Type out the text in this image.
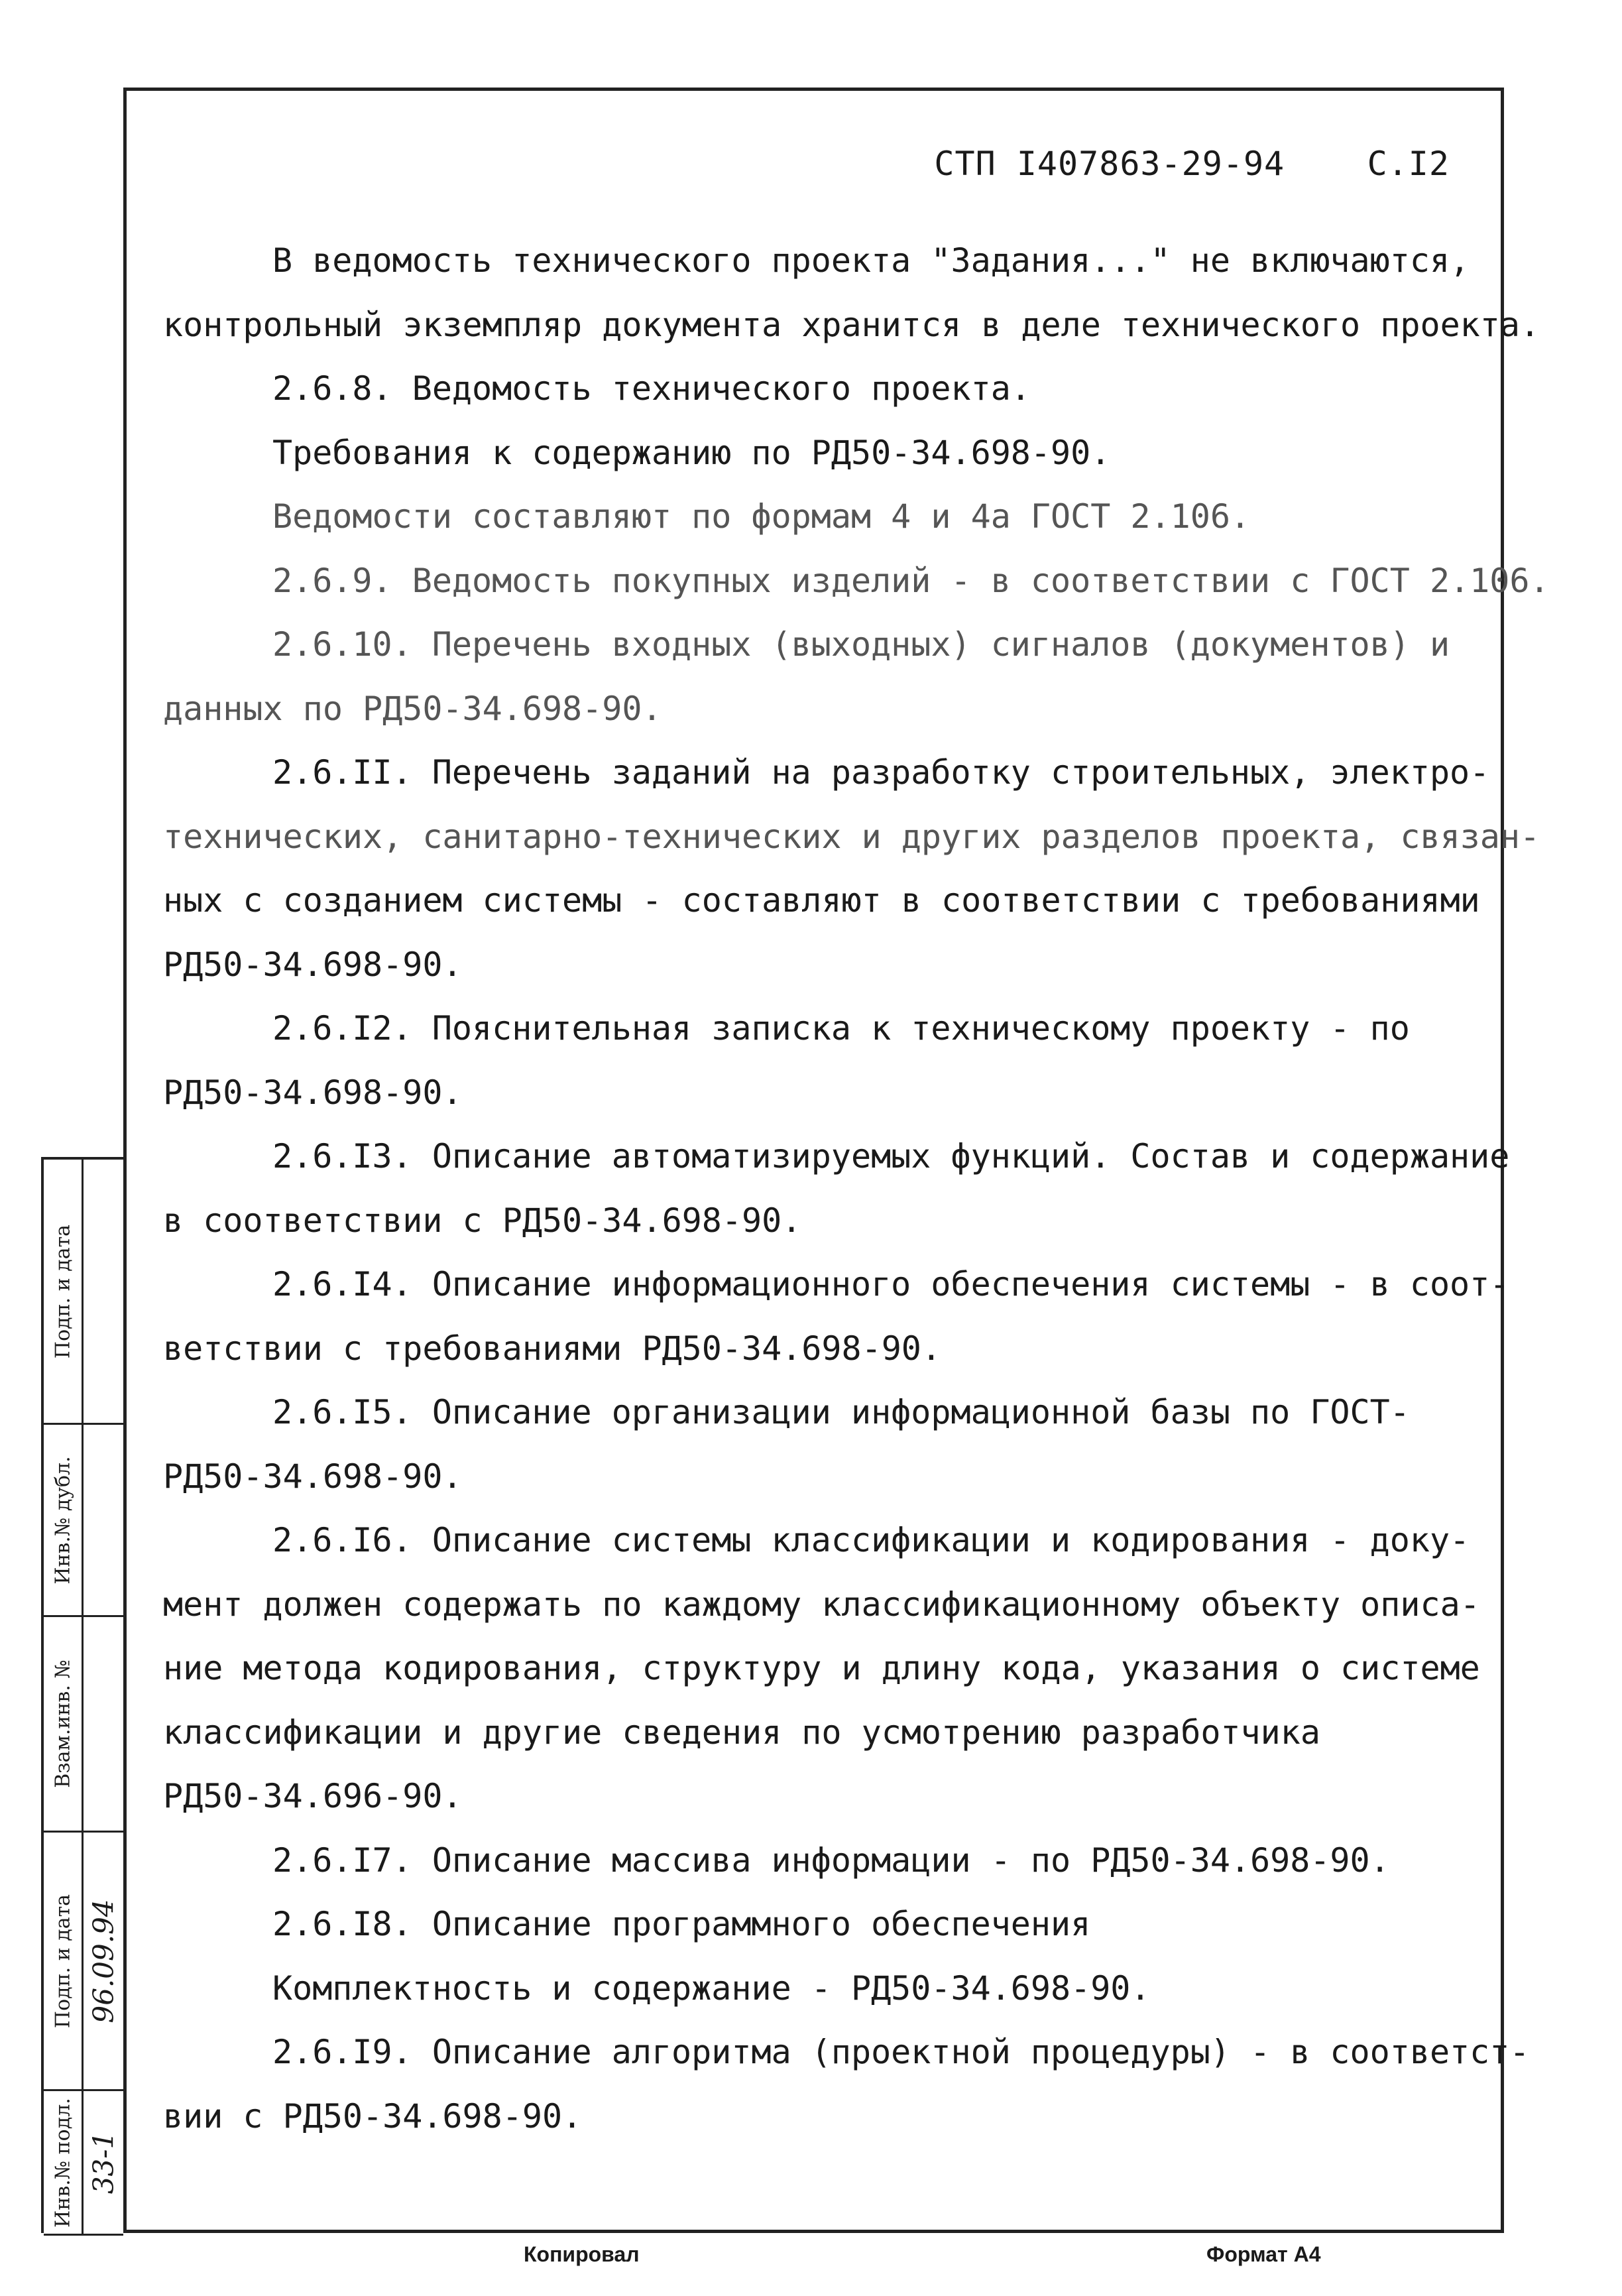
СТП I407863-29-94 С.I2
В ведомость технического проекта "Задания..." не включаются,
контрольный экземпляр документа хранится в деле технического проекта.
2.6.8. Ведомость технического проекта.
Требования к содержанию по РД50-34.698-90.
Ведомости составляют по формам 4 и 4а ГОСТ 2.106.
2.6.9. Ведомость покупных изделий - в соответствии с ГОСТ 2.106.
2.6.10. Перечень входных (выходных) сигналов (документов) и
данных по РД50-34.698-90.
2.6.II. Перечень заданий на разработку строительных, электро-
технических, санитарно-технических и других разделов проекта, связан-
ных с созданием системы - составляют в соответствии с требованиями
РД50-34.698-90.
2.6.I2. Пояснительная записка к техническому проекту - по
РД50-34.698-90.
2.6.I3. Описание автоматизируемых функций. Состав и содержание
в соответствии с РД50-34.698-90.
2.6.I4. Описание информационного обеспечения системы - в соот-
ветствии с требованиями РД50-34.698-90.
2.6.I5. Описание организации информационной базы по ГОСТ-
РД50-34.698-90.
2.6.I6. Описание системы классификации и кодирования - доку-
мент должен содержать по каждому классификационному объекту описа-
ние метода кодирования, структуру и длину кода, указания о системе
классификации и другие сведения по усмотрению разработчика
РД50-34.696-90.
2.6.I7. Описание массива информации - по РД50-34.698-90.
2.6.I8. Описание программного обеспечения
Комплектность и содержание - РД50-34.698-90.
2.6.I9. Описание алгоритма (проектной процедуры) - в соответст-
вии с РД50-34.698-90.
Подп. и дата
Инв.№ дубл.
Взам.инв. №
Подп. и дата 96.09.94
Инв.№ подл. 33-1
Копировал	Формат А4
